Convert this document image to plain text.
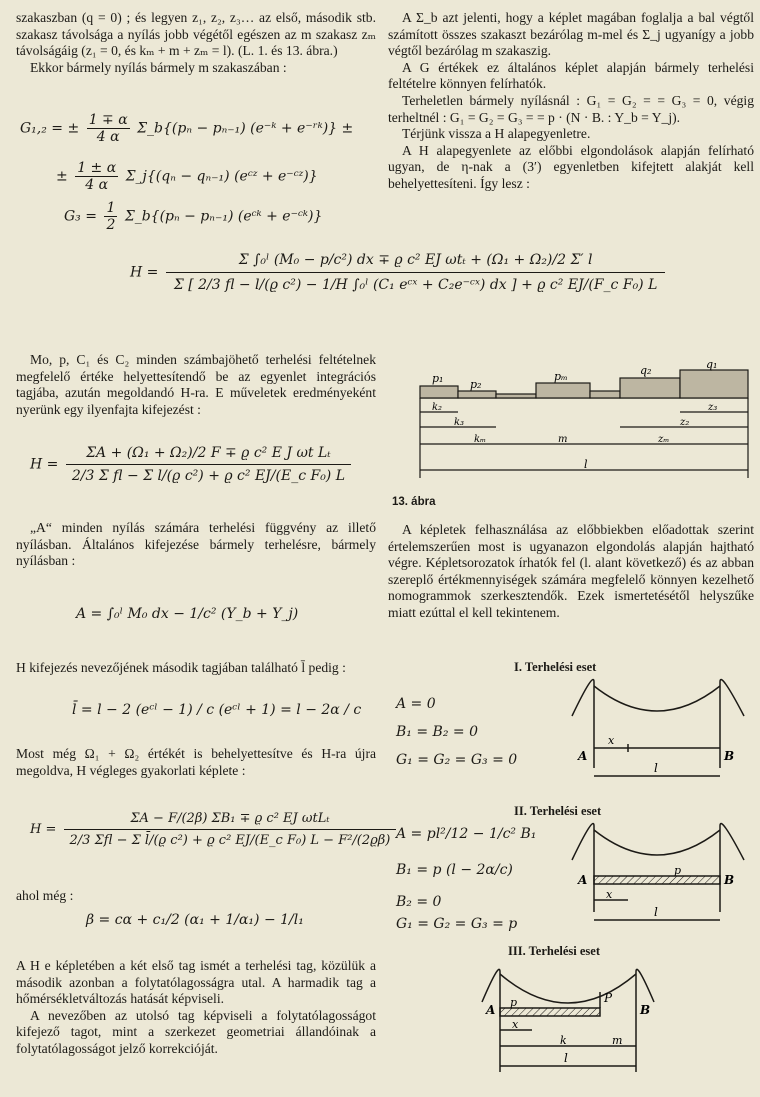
szakaszban (q = 0) ; és legyen z₁, z₂, z₃… az első, második stb. szakasz távolsága a nyílás jobb végétől egészen az m szakasz zₘ távolságáig (z₁ = 0, és kₘ + m + zₘ = l). (L. 1. és 13. ábra.)

Ekkor bármely nyílás bármely m szakaszában :

G₁,₂ = ± $\frac{1 \mp \alpha}{4 \alpha}$ Σ_b{(pₙ − pₙ₋₁) (e⁻ᵏ + e⁻ʳᵏ)} ±
± $\frac{1 \pm \alpha}{4 \alpha}$ Σ_j{(qₙ − qₙ₋₁) (eᶜᶻ + e⁻ᶜᶻ)}
$G_3 = \frac{1}{2}$ Σ_b{(pₙ − pₙ₋₁) (eᶜᵏ + e⁻ᶜᵏ)}

A Σ_b azt jelenti, hogy a képlet magában foglalja a bal végtől számított összes szakaszt bezárólag m-mel és Σ_j ugyanígy a jobb végtől bezárólag m szakaszig.

A G értékek ez általános képlet alapján bármely terhelési feltételre könnyen felírhatók.

Terheletlen bármely nyílásnál : G₁ = G₂ = = G₃ = 0, végig terheltnél : G₁ = G₂ = G₃ = = p · (N · B. : Y_b = Y_j).

Térjünk vissza a H alapegyenletre.

A H alapegyenlete az előbbi elgondolások alapján felírható ugyan, de η-nak a (3′) egyenletben kifejtett alakját kell behelyettesíteni. Így lesz :

H =
Σ ∫₀ˡ (M₀ − p/c²) dx ∓ ϱ c² EJ ωtₜ + (Ω₁ + Ω₂)/2 Σ′ l
Σ [ 2/3 fl − l/(ϱ c²) − 1/H ∫₀ˡ (C₁ eᶜˣ + C₂e⁻ᶜˣ) dx ] + ϱ c² EJ/(F_c F₀) L

Mo, p, C₁ és C₂ minden számbajöhető terhelési feltételnek megfelelő értéke helyettesítendő be az egyenlet integrációs tagjába, azután megoldandó H-ra. E műveletek eredményeként nyerünk egy ilyenfajta kifejezést :

$H = \frac{\text{ΣA + (Ω₁ + Ω₂)/2 F ∓ ϱ c² E J ωt Lₜ}}{\text{2/3 Σ fl − Σ l/(ϱ c²) + ϱ c² EJ/(E\_c F₀) L}}$

„A“ minden nyílás számára terhelési függvény az illető nyílásban. Általános kifejezése bármely terhelésre, bármely nyílásban :

A = ∫₀ˡ M₀ dx − 1/c² (Y_b + Y_j)

H kifejezés nevezőjének második tagjában található l̄ pedig :

l̄ = l − 2 (eᶜˡ − 1) / c (eᶜˡ + 1) = l − 2α / c

Most még Ω₁ + Ω₂ értékét is behelyettesítve és H-ra újra megoldva, H végleges gyakorlati képlete :

H =
ΣA − F/(2β) ΣB₁ ∓ ϱ c² EJ ωtLₜ
2/3 Σfl − Σ l̄/(ϱ c²) + ϱ c² EJ/(E_c F₀) L − F²/(2ϱβ)

ahol még :

β = cα + c₁/2 (α₁ + 1/α₁) − 1/l₁

A H e képletében a két első tag ismét a terhelési tag, közülük a második azonban a folytatólagosságra utal. A harmadik tag a hőmérsékletváltozás hatását képviseli.

A nevezőben az utolsó tag képviseli a folytatólagosságot kifejező tagot, mint a szerkezet geometriai állandóinak a folytatólagosságot jelző korrekcióját.

p₁ p₂
pₘ	q₂	q₁
k₂
k₃
kₘ	m
z₃
z₂
zₘ
l
13. ábra

A képletek felhasználása az előbbiekben előadottak szerint értelemszerűen most is ugyanazon elgondolás alapján hajtható végre. Képletsorozatok írhatók fel (l. alant következő) és az abban szereplő értékmennyiségek számára megfelelő könnyen kezelhető nomogrammok szerkesztendők. Ezek ismertetésétől helyszűke miatt ezúttal el kell tekintenem.

I. Terhelési eset
A = 0
B₁ = B₂ = 0
G₁ = G₂ = G₃ = 0	A	B
x
l
II. Terhelési eset
A = pl²/12 − 1/c² B₁
B₁ = p (l − 2α/c)
B₂ = 0
G₁ = G₂ = G₃ = p
A	B
p
x
l
III. Terhelési eset
A	B
p	P
x
k	m
l
